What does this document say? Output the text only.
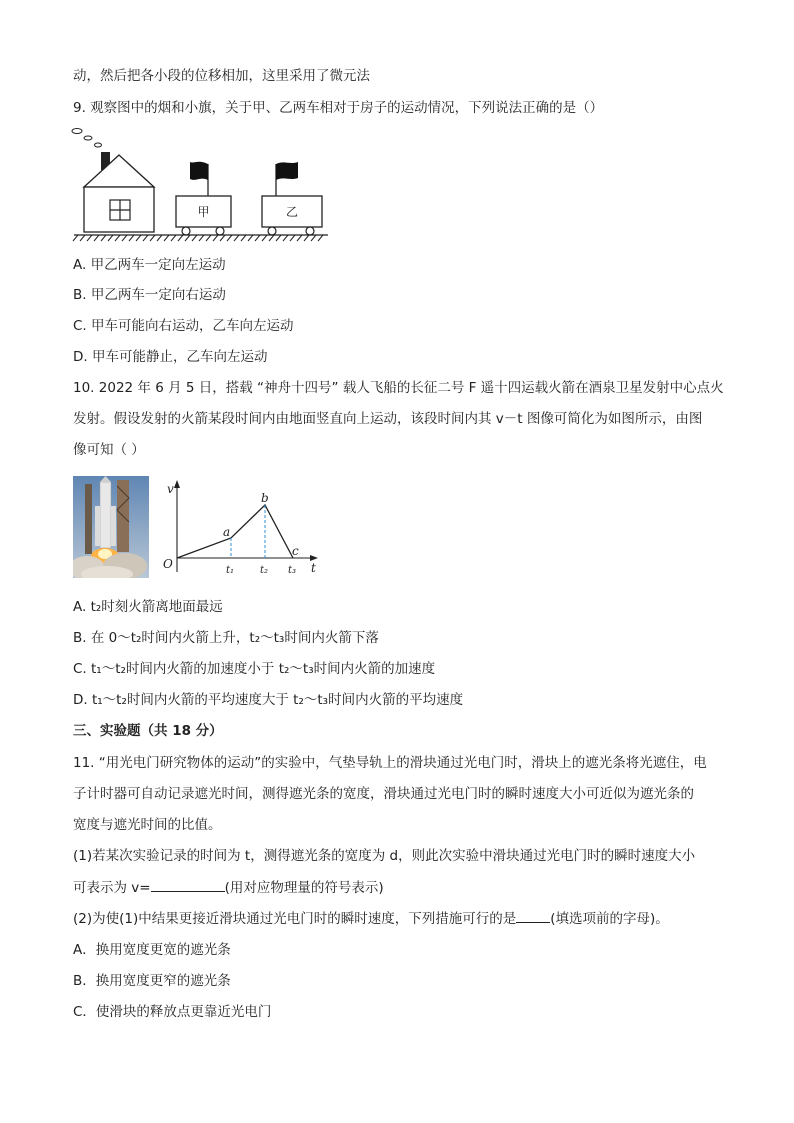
动，然后把各小段的位移相加，这里采用了微元法
9. 观察图中的烟和小旗，关于甲、乙两车相对于房子的运动情况，下列说法正确的是（）
甲	乙
A. 甲乙两车一定向左运动
B. 甲乙两车一定向右运动
C. 甲车可能向右运动，乙车向左运动
D. 甲车可能静止，乙车向左运动
10. 2022 年 6 月 5 日，搭载 “神舟十四号” 载人飞船的长征二号 F 遥十四运载火箭在酒泉卫星发射中心点火
发射。假设发射的火箭某段时间内由地面竖直向上运动，该段时间内其 v－t 图像可简化为如图所示，由图
像可知（ ）
v
t
O
a
b
c
t₁	t₂ t₃
A. t₂时刻火箭离地面最远
B. 在 0～t₂时间内火箭上升，t₂～t₃时间内火箭下落
C. t₁～t₂时间内火箭的加速度小于 t₂～t₃时间内火箭的加速度
D. t₁～t₂时间内火箭的平均速度大于 t₂～t₃时间内火箭的平均速度
三、实验题（共 18 分）
11. “用光电门研究物体的运动”的实验中，气垫导轨上的滑块通过光电门时，滑块上的遮光条将光遮住，电
子计时器可自动记录遮光时间，测得遮光条的宽度，滑块通过光电门时的瞬时速度大小可近似为遮光条的
宽度与遮光时间的比值。
(1)若某次实验记录的时间为 t，测得遮光条的宽度为 d，则此次实验中滑块通过光电门时的瞬时速度大小
可表示为 v=	(用对应物理量的符号表示)
(2)为使(1)中结果更接近滑块通过光电门时的瞬时速度，下列措施可行的是	(填选项前的字母)。
A．换用宽度更宽的遮光条
B．换用宽度更窄的遮光条
C．使滑块的释放点更靠近光电门
